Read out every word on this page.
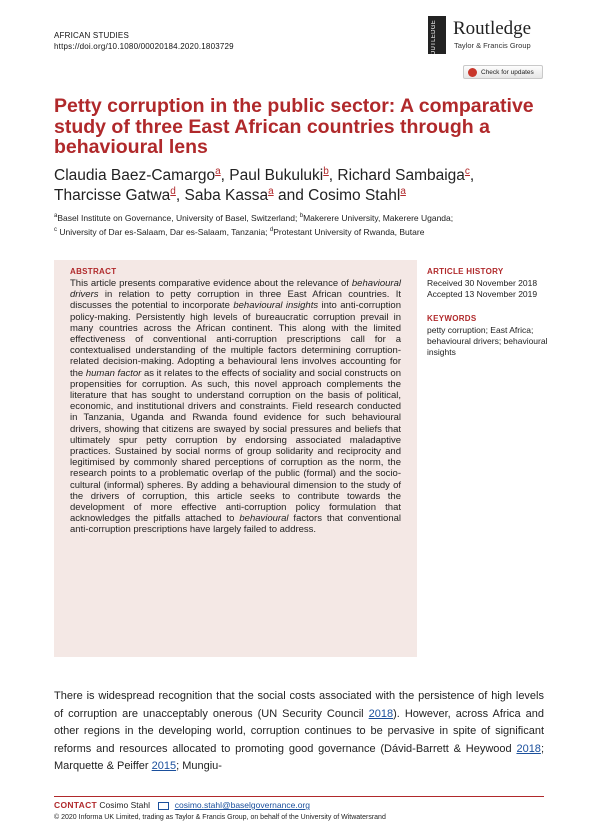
AFRICAN STUDIES
https://doi.org/10.1080/00020184.2020.1803729	ROUTLEDGE Routledge
Taylor & Francis Group
Check for updates
Petty corruption in the public sector: A comparative study of three East African countries through a behavioural lens
Claudia Baez-Camargo$^a$, Paul Bukuluki$^b$, Richard Sambaiga$^c$,
Tharcisse Gatwa$^d$, Saba Kassa$^a$ and Cosimo Stahl$^a$
$^a$Basel Institute on Governance, University of Basel, Switzerland; $^b$Makerere University, Makerere Uganda;
$^c$ University of Dar es-Salaam, Dar es-Salaam, Tanzania; $^d$Protestant University of Rwanda, Butare
ABSTRACT
This article presents comparative evidence about the relevance of behavioural drivers in relation to petty corruption in three East African countries. It discusses the potential to incorporate behavioural insights into anti-corruption policy-making. Persistently high levels of bureaucratic corruption prevail in many countries across the African continent. This along with the limited effectiveness of conventional anti-corruption prescriptions call for a contextualised understanding of the multiple factors determining corruption-related decision-making. Adopting a behavioural lens involves accounting for the human factor as it relates to the effects of sociality and social constructs on propensities for corruption. As such, this novel approach complements the literature that has sought to understand corruption on the basis of political, economic, and institutional drivers and constraints. Field research conducted in Tanzania, Uganda and Rwanda found evidence for such behavioural drivers, showing that citizens are swayed by social pressures and beliefs that ultimately spur petty corruption by endorsing associated maladaptive practices. Sustained by social norms of group solidarity and reciprocity and legitimised by commonly shared perceptions of corruption as the norm, the research points to a problematic overlap of the public (formal) and the socio-cultural (informal) spheres. By adding a behavioural dimension to the study of the drivers of corruption, this article seeks to contribute towards the development of more effective anti-corruption policy formulation that acknowledges the pitfalls attached to behavioural factors that conventional anti-corruption prescriptions have largely failed to address.
ARTICLE HISTORY
Received 30 November 2018
Accepted 13 November 2019
KEYWORDS
petty corruption; East Africa; behavioural drivers; behavioural insights
There is widespread recognition that the social costs associated with the persistence of high levels of corruption are unacceptably onerous (UN Security Council 2018). However, across Africa and other regions in the developing world, corruption continues to be pervasive in spite of significant reforms and resources allocated to promoting good governance (Dávid-Barrett & Heywood 2018; Marquette & Peiffer 2015; Mungiu-
CONTACT Cosimo Stahl	cosimo.stahl@baselgovernance.org
© 2020 Informa UK Limited, trading as Taylor & Francis Group, on behalf of the University of Witwatersrand
